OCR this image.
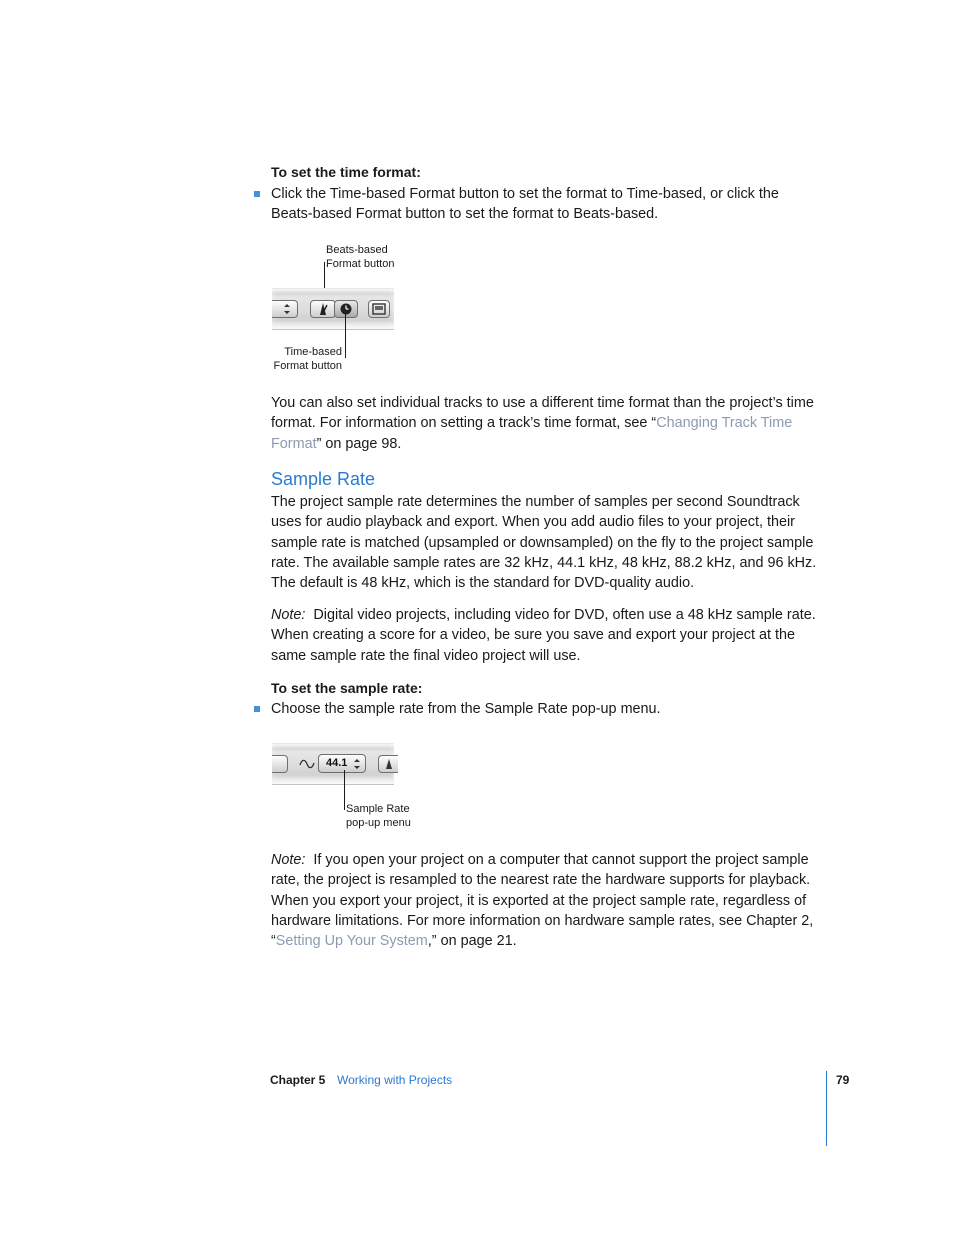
To set the time format:
Click the Time-based Format button to set the format to Time-based, or click the Beats-based Format button to set the format to Beats-based.
Beats-based
Format button
Time-based
Format button
You can also set individual tracks to use a different time format than the project’s time format. For information on setting a track’s time format, see “Changing Track Time Format” on page 98.
Sample Rate
The project sample rate determines the number of samples per second Soundtrack uses for audio playback and export. When you add audio files to your project, their sample rate is matched (upsampled or downsampled) on the fly to the project sample rate. The available sample rates are 32 kHz, 44.1 kHz, 48 kHz, 88.2 kHz, and 96 kHz. The default is 48 kHz, which is the standard for DVD-quality audio.
Note: Digital video projects, including video for DVD, often use a 48 kHz sample rate. When creating a score for a video, be sure you save and export your project at the same sample rate the final video project will use.
To set the sample rate:
Choose the sample rate from the Sample Rate pop-up menu.
44.1
Sample Rate
pop-up menu
Note: If you open your project on a computer that cannot support the project sample rate, the project is resampled to the nearest rate the hardware supports for playback. When you export your project, it is exported at the project sample rate, regardless of hardware limitations. For more information on hardware sample rates, see Chapter 2, “Setting Up Your System,” on page 21.
Chapter 5 Working with Projects	79
